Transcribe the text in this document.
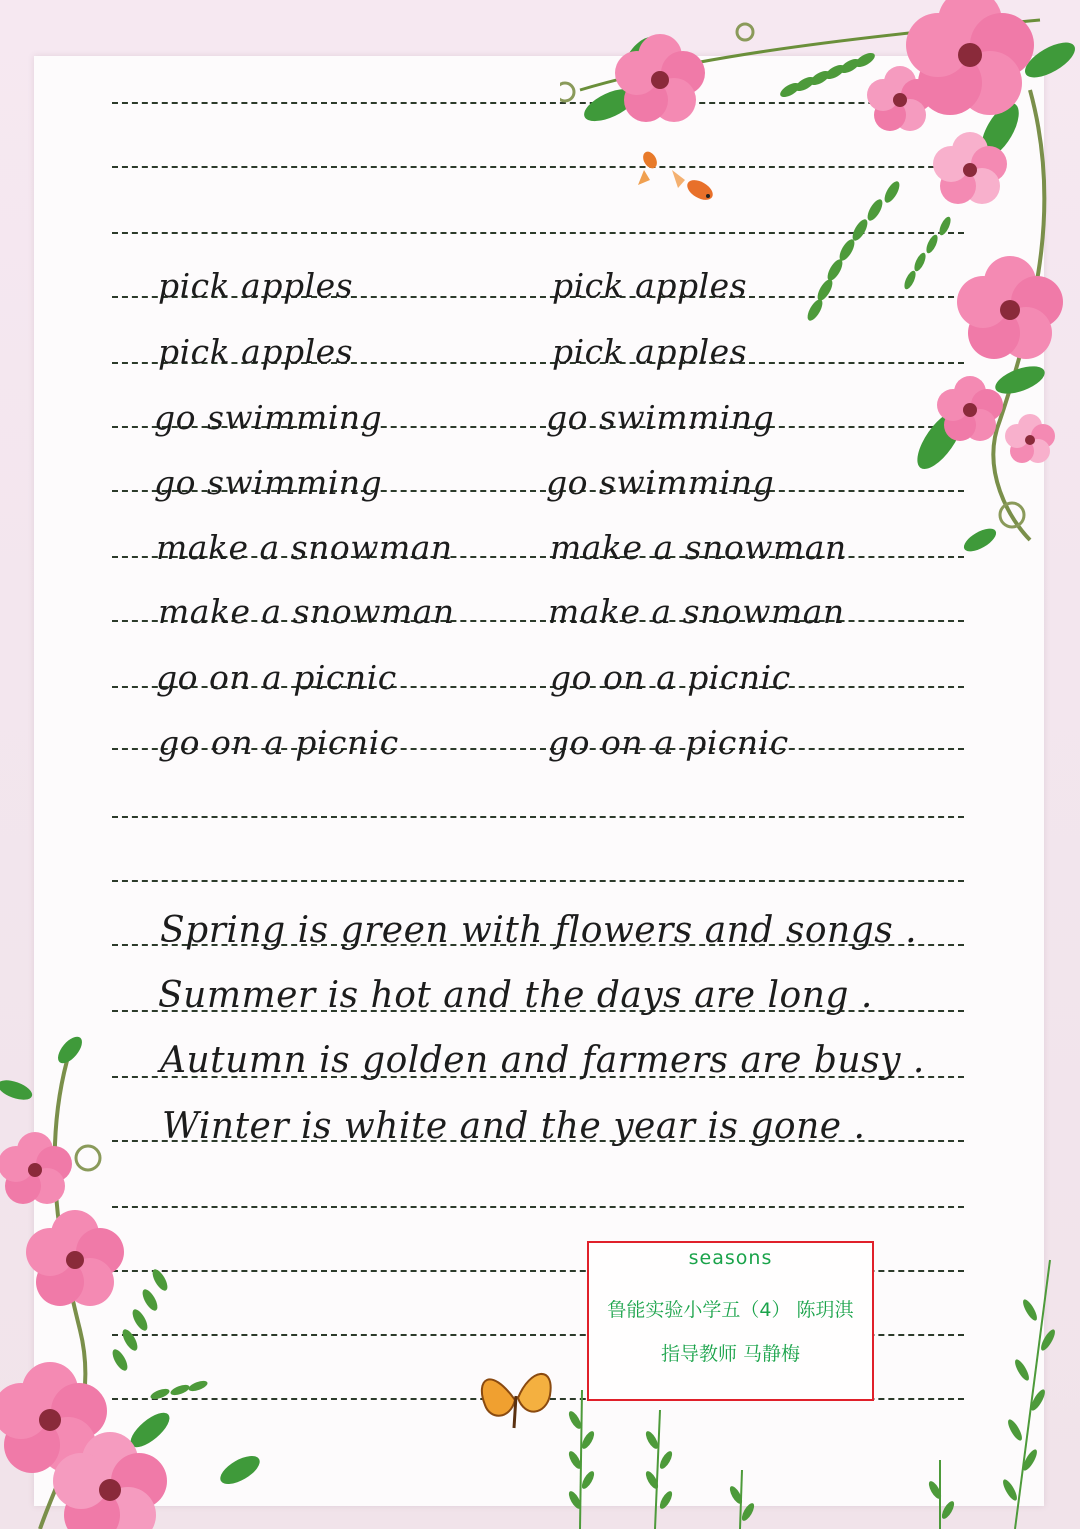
pick apples	pick apples
pick apples	pick apples
go swimming	go swimming
go swimming	go swimming
make a snowman	make a snowman
make a snowman	make a snowman
go on a picnic	go on a picnic
go on a picnic	go on a picnic
Spring is green with flowers and songs .
Summer is hot and the days are long .
Autumn is golden and farmers are busy .
Winter is white and the year is gone .
seasons
鲁能实验小学五（4） 陈玥淇
指导教师 马静梅
